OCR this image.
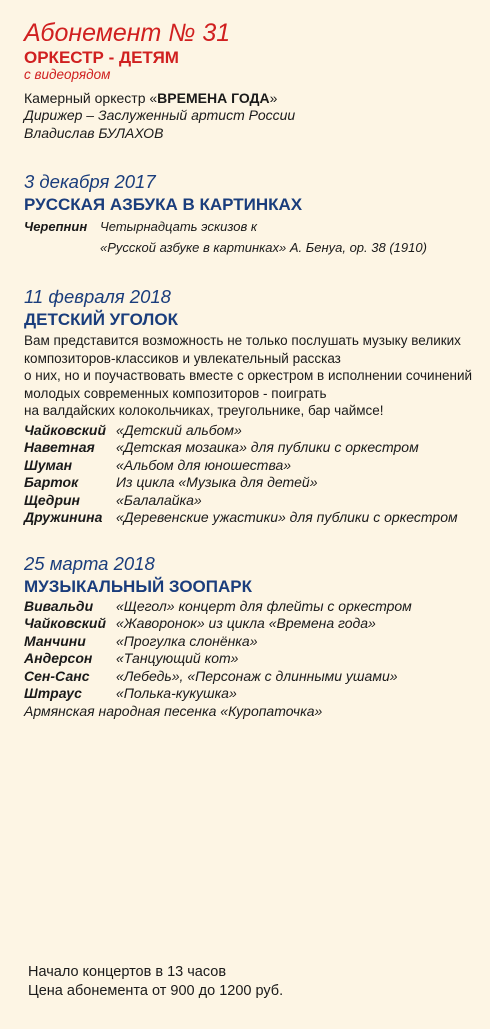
Абонемент № 31
ОРКЕСТР - ДЕТЯМ
с видеорядом
Камерный оркестр «ВРЕМЕНА ГОДА»
Дирижер – Заслуженный артист России
Владислав БУЛАХОВ
3 декабря 2017
РУССКАЯ АЗБУКА В КАРТИНКАХ
Черепнин Четырнадцать эскизов к
«Русской азбуке в картинках» А. Бенуа, ор. 38 (1910)
11 февраля 2018
ДЕТСКИЙ УГОЛОК
Вам представится возможность не только послушать музыку великих
композиторов-классиков и увлекательный рассказ
о них, но и поучаствовать вместе с оркестром в исполнении сочинений
молодых современных композиторов - поиграть
на валдайских колокольчиках, треугольнике, бар чаймсе!
Чайковский «Детский альбом»
Наветная	«Детская мозаика» для публики с оркестром
Шуман	«Альбом для юношества»
Барток	Из цикла «Музыка для детей»
Щедрин	«Балалайка»
Дружинина «Деревенские ужастики» для публики с оркестром
25 марта 2018
МУЗЫКАЛЬНЫЙ ЗООПАРК
Вивальди	«Щегол» концерт для флейты с оркестром
Чайковский «Жаворонок» из цикла «Времена года»
Манчини	«Прогулка слонёнка»
Андерсон	«Танцующий кот»
Сен-Санс	«Лебедь», «Персонаж с длинными ушами»
Штраус	«Полька-кукушка»
Армянская народная песенка «Куропаточка»
Начало концертов в 13 часов
Цена абонемента от 900 до 1200 руб.
